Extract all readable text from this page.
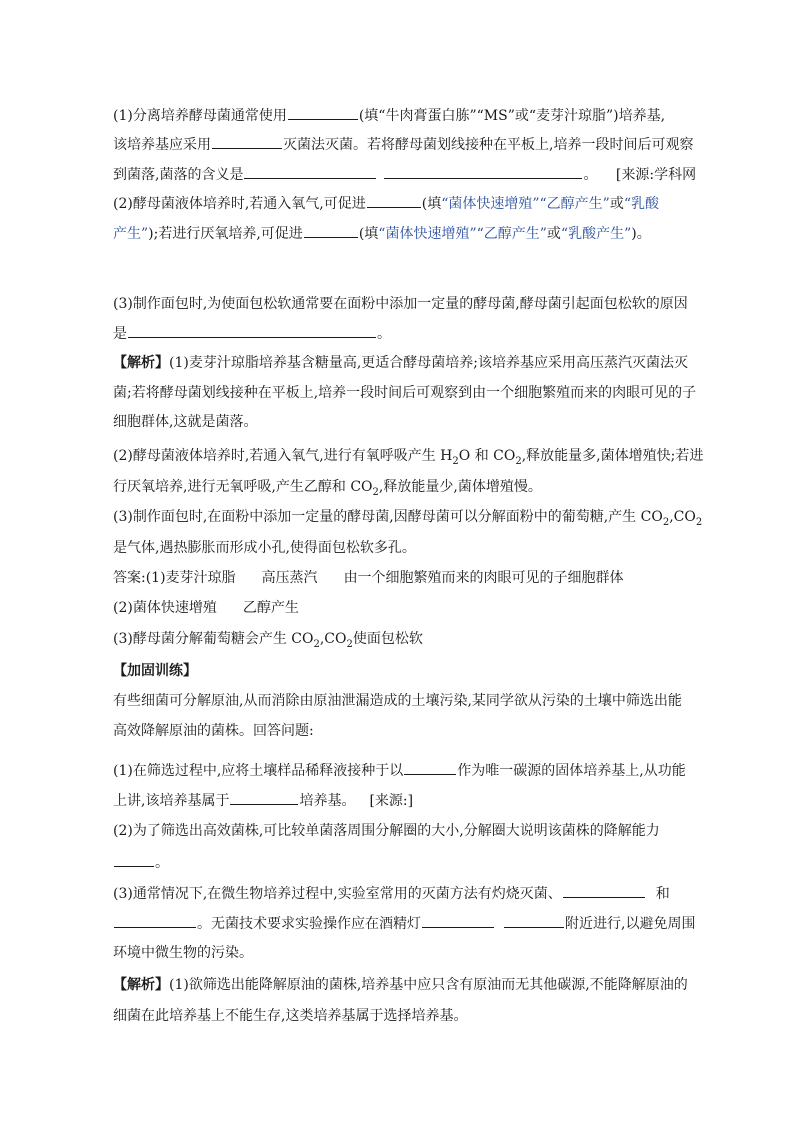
(1)分离培养酵母菌通常使用	(填“牛肉膏蛋白胨”“MS”或“麦芽汁琼脂”)培养基,
该培养基应采用	灭菌法灭菌。若将酵母菌划线接种在平板上,培养一段时间后可观察
到菌落,菌落的含义是	。 [来源:学科网
(2)酵母菌液体培养时,若通入氧气,可促进	(填“菌体快速增殖”“乙醇产生”或“乳酸
产生”);若进行厌氧培养,可促进	(填“菌体快速增殖”“乙醇产生”或“乳酸产生”)。
(3)制作面包时,为使面包松软通常要在面粉中添加一定量的酵母菌,酵母菌引起面包松软的原因
是	。
【解析】(1)麦芽汁琼脂培养基含糖量高,更适合酵母菌培养;该培养基应采用高压蒸汽灭菌法灭
菌;若将酵母菌划线接种在平板上,培养一段时间后可观察到由一个细胞繁殖而来的肉眼可见的子
细胞群体,这就是菌落。
(2)酵母菌液体培养时,若通入氧气,进行有氧呼吸产生 $H_2O$ 和 $CO_2$,释放能量多,菌体增殖快;若进
行厌氧培养,进行无氧呼吸,产生乙醇和 $CO_2$,释放能量少,菌体增殖慢。
(3)制作面包时,在面粉中添加一定量的酵母菌,因酵母菌可以分解面粉中的葡萄糖,产生 $CO_2,CO_2$
是气体,遇热膨胀而形成小孔,使得面包松软多孔。
答案:(1)麦芽汁琼脂 高压蒸汽 由一个细胞繁殖而来的肉眼可见的子细胞群体
(2)菌体快速增殖 乙醇产生
(3)酵母菌分解葡萄糖会产生 $CO_2,CO_2$使面包松软
【加固训练】
有些细菌可分解原油,从而消除由原油泄漏造成的土壤污染,某同学欲从污染的土壤中筛选出能
高效降解原油的菌株。回答问题:
(1)在筛选过程中,应将土壤样品稀释液接种于以	作为唯一碳源的固体培养基上,从功能
上讲,该培养基属于	培养基。 [来源:]
(2)为了筛选出高效菌株,可比较单菌落周围分解圈的大小,分解圈大说明该菌株的降解能力
。
(3)通常情况下,在微生物培养过程中,实验室常用的灭菌方法有灼烧灭菌、	和
。无菌技术要求实验操作应在酒精灯	附近进行,以避免周围
环境中微生物的污染。
【解析】(1)欲筛选出能降解原油的菌株,培养基中应只含有原油而无其他碳源,不能降解原油的
细菌在此培养基上不能生存,这类培养基属于选择培养基。
